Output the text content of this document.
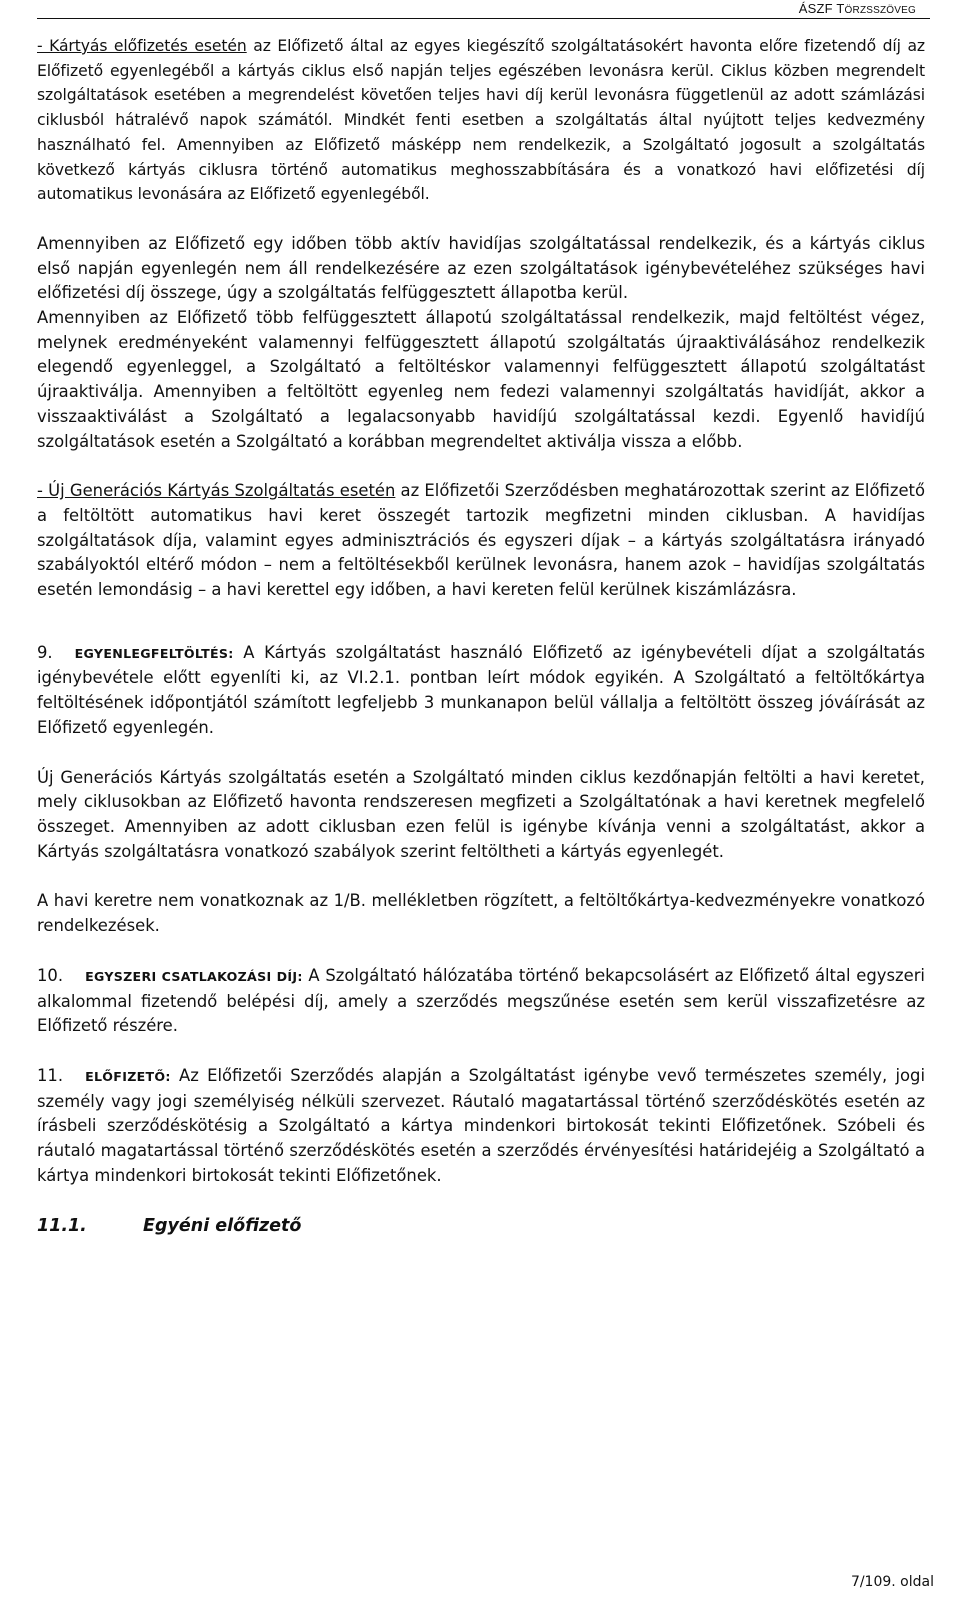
ÁSZF TÖRZSSZÖVEG

- Kártyás előfizetés esetén az Előfizető által az egyes kiegészítő szolgáltatásokért havonta előre fizetendő díj az Előfizető egyenlegéből a kártyás ciklus első napján teljes egészében levonásra kerül. Ciklus közben megrendelt szolgáltatások esetében a megrendelést követően teljes havi díj kerül levonásra függetlenül az adott számlázási ciklusból hátralévő napok számától. Mindkét fenti esetben a szolgáltatás által nyújtott teljes kedvezmény használható fel. Amennyiben az Előfizető másképp nem rendelkezik, a Szolgáltató jogosult a szolgáltatás következő kártyás ciklusra történő automatikus meghosszabbítására és a vonatkozó havi előfizetési díj automatikus levonására az Előfizető egyenlegéből.

Amennyiben az Előfizető egy időben több aktív havidíjas szolgáltatással rendelkezik, és a kártyás ciklus első napján egyenlegén nem áll rendelkezésére az ezen szolgáltatások igénybevételéhez szükséges havi előfizetési díj összege, úgy a szolgáltatás felfüggesztett állapotba kerül.

Amennyiben az Előfizető több felfüggesztett állapotú szolgáltatással rendelkezik, majd feltöltést végez, melynek eredményeként valamennyi felfüggesztett állapotú szolgáltatás újraaktiválásához rendelkezik elegendő egyenleggel, a Szolgáltató a feltöltéskor valamennyi felfüggesztett állapotú szolgáltatást újraaktiválja. Amennyiben a feltöltött egyenleg nem fedezi valamennyi szolgáltatás havidíját, akkor a visszaaktiválást a Szolgáltató a legalacsonyabb havidíjú szolgáltatással kezdi. Egyenlő havidíjú szolgáltatások esetén a Szolgáltató a korábban megrendeltet aktiválja vissza a előbb.

- Új Generációs Kártyás Szolgáltatás esetén az Előfizetői Szerződésben meghatározottak szerint az Előfizető a feltöltött automatikus havi keret összegét tartozik megfizetni minden ciklusban. A havidíjas szolgáltatások díja, valamint egyes adminisztrációs és egyszeri díjak – a kártyás szolgáltatásra irányadó szabályoktól eltérő módon – nem a feltöltésekből kerülnek levonásra, hanem azok – havidíjas szolgáltatás esetén lemondásig – a havi kerettel egy időben, a havi kereten felül kerülnek kiszámlázásra.

9. EGYENLEGFELTÖLTÉS: A Kártyás szolgáltatást használó Előfizető az igénybevételi díjat a szolgáltatás igénybevétele előtt egyenlíti ki, az VI.2.1. pontban leírt módok egyikén. A Szolgáltató a feltöltőkártya feltöltésének időpontjától számított legfeljebb 3 munkanapon belül vállalja a feltöltött összeg jóváírását az Előfizető egyenlegén.

Új Generációs Kártyás szolgáltatás esetén a Szolgáltató minden ciklus kezdőnapján feltölti a havi keretet, mely ciklusokban az Előfizető havonta rendszeresen megfizeti a Szolgáltatónak a havi keretnek megfelelő összeget. Amennyiben az adott ciklusban ezen felül is igénybe kívánja venni a szolgáltatást, akkor a Kártyás szolgáltatásra vonatkozó szabályok szerint feltöltheti a kártyás egyenlegét.

A havi keretre nem vonatkoznak az 1/B. mellékletben rögzített, a feltöltőkártya-kedvezményekre vonatkozó rendelkezések.

10. EGYSZERI CSATLAKOZÁSI DÍJ: A Szolgáltató hálózatába történő bekapcsolásért az Előfizető által egyszeri alkalommal fizetendő belépési díj, amely a szerződés megszűnése esetén sem kerül visszafizetésre az Előfizető részére.

11. ELŐFIZETŐ: Az Előfizetői Szerződés alapján a Szolgáltatást igénybe vevő természetes személy, jogi személy vagy jogi személyiség nélküli szervezet. Ráutaló magatartással történő szerződéskötés esetén az írásbeli szerződéskötésig a Szolgáltató a kártya mindenkori birtokosát tekinti Előfizetőnek. Szóbeli és ráutaló magatartással történő szerződéskötés esetén a szerződés érvényesítési határidejéig a Szolgáltató a kártya mindenkori birtokosát tekinti Előfizetőnek.

11.1.	Egyéni előfizető

7/109. oldal
